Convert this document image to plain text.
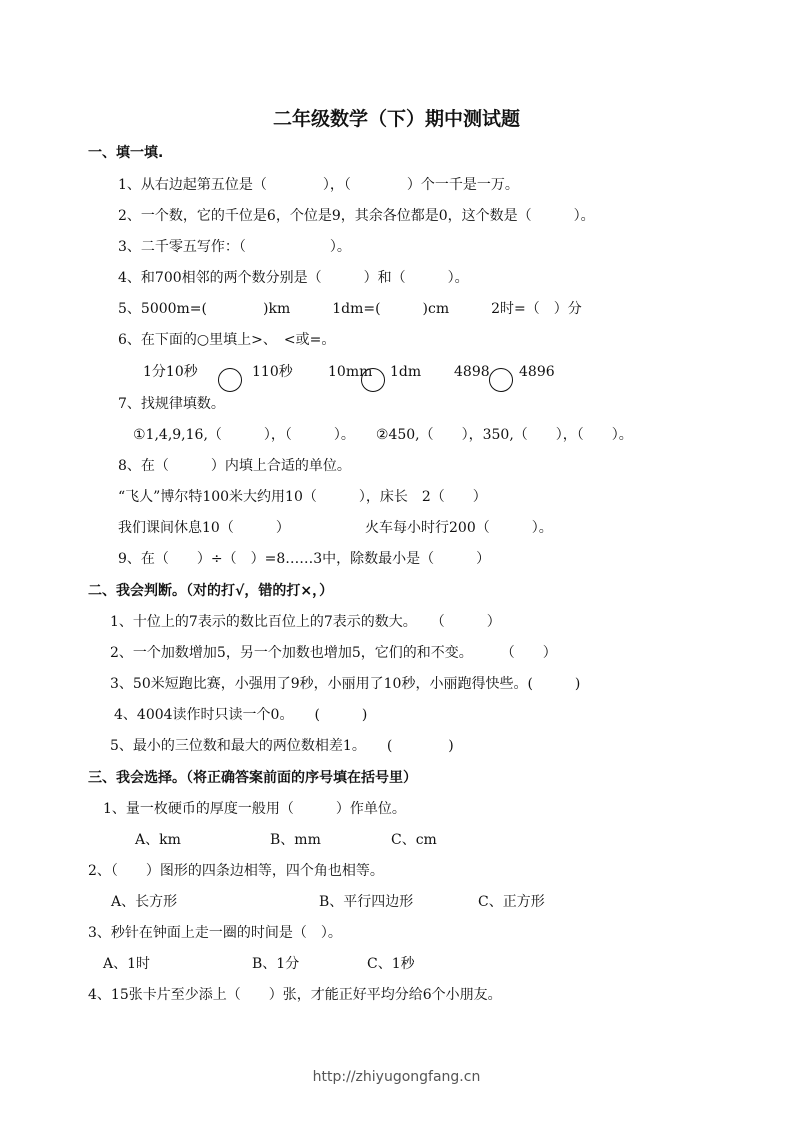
二年级数学（下）期中测试题
一、填一填.
1、从右边起第五位是（　　　　），（　　　　）个一千是一万。
2、一个数，它的千位是6，个位是9，其余各位都是0，这个数是（　　　）。
3、二千零五写作：（　　　　　　）。
4、和700相邻的两个数分别是（　　　）和（　　　）。
5、5000m=(　　　　)km　　　1dm=(　　　)cm　　　2时=（　）分
6、在下面的○里填上>、　<或=。
1分10秒	110秒	10mm 1dm 4898 4896
7、找规律填数。
①1,4,9,16,（　　　），（　　　）。　　②450,（　　），350,（　　），（　　）。
8、在（　　　）内填上合适的单位。
“飞人”博尔特100米大约用10（　　　），床长　2（　　）
我们课间休息10（　　　）	火车每小时行200（　　　）。
9、在（　　）÷（　）=8……3中，除数最小是（　　　）
二、我会判断。（对的打√，错的打×，）
1、十位上的7表示的数比百位上的7表示的数大。　　（　　　）
2、一个加数增加5，另一个加数也增加5，它们的和不变。　　　（　　）
3、50米短跑比赛，小强用了9秒，小丽用了10秒，小丽跑得快些。(　　　)
4、4004读作时只读一个0。　　(　　　)
5、最小的三位数和最大的两位数相差1。　　(　　　　)
三、我会选择。（将正确答案前面的序号填在括号里）
1、量一枚硬币的厚度一般用（　　　）作单位。
A、km	B、mm	C、cm
2、（　　）图形的四条边相等，四个角也相等。
A、长方形	B、平行四边形	C、正方形
3、秒针在钟面上走一圈的时间是（　）。
A、1时	B、1分	C、1秒
4、15张卡片至少添上（　　）张，才能正好平均分给6个小朋友。
http://zhiyugongfang.cn
